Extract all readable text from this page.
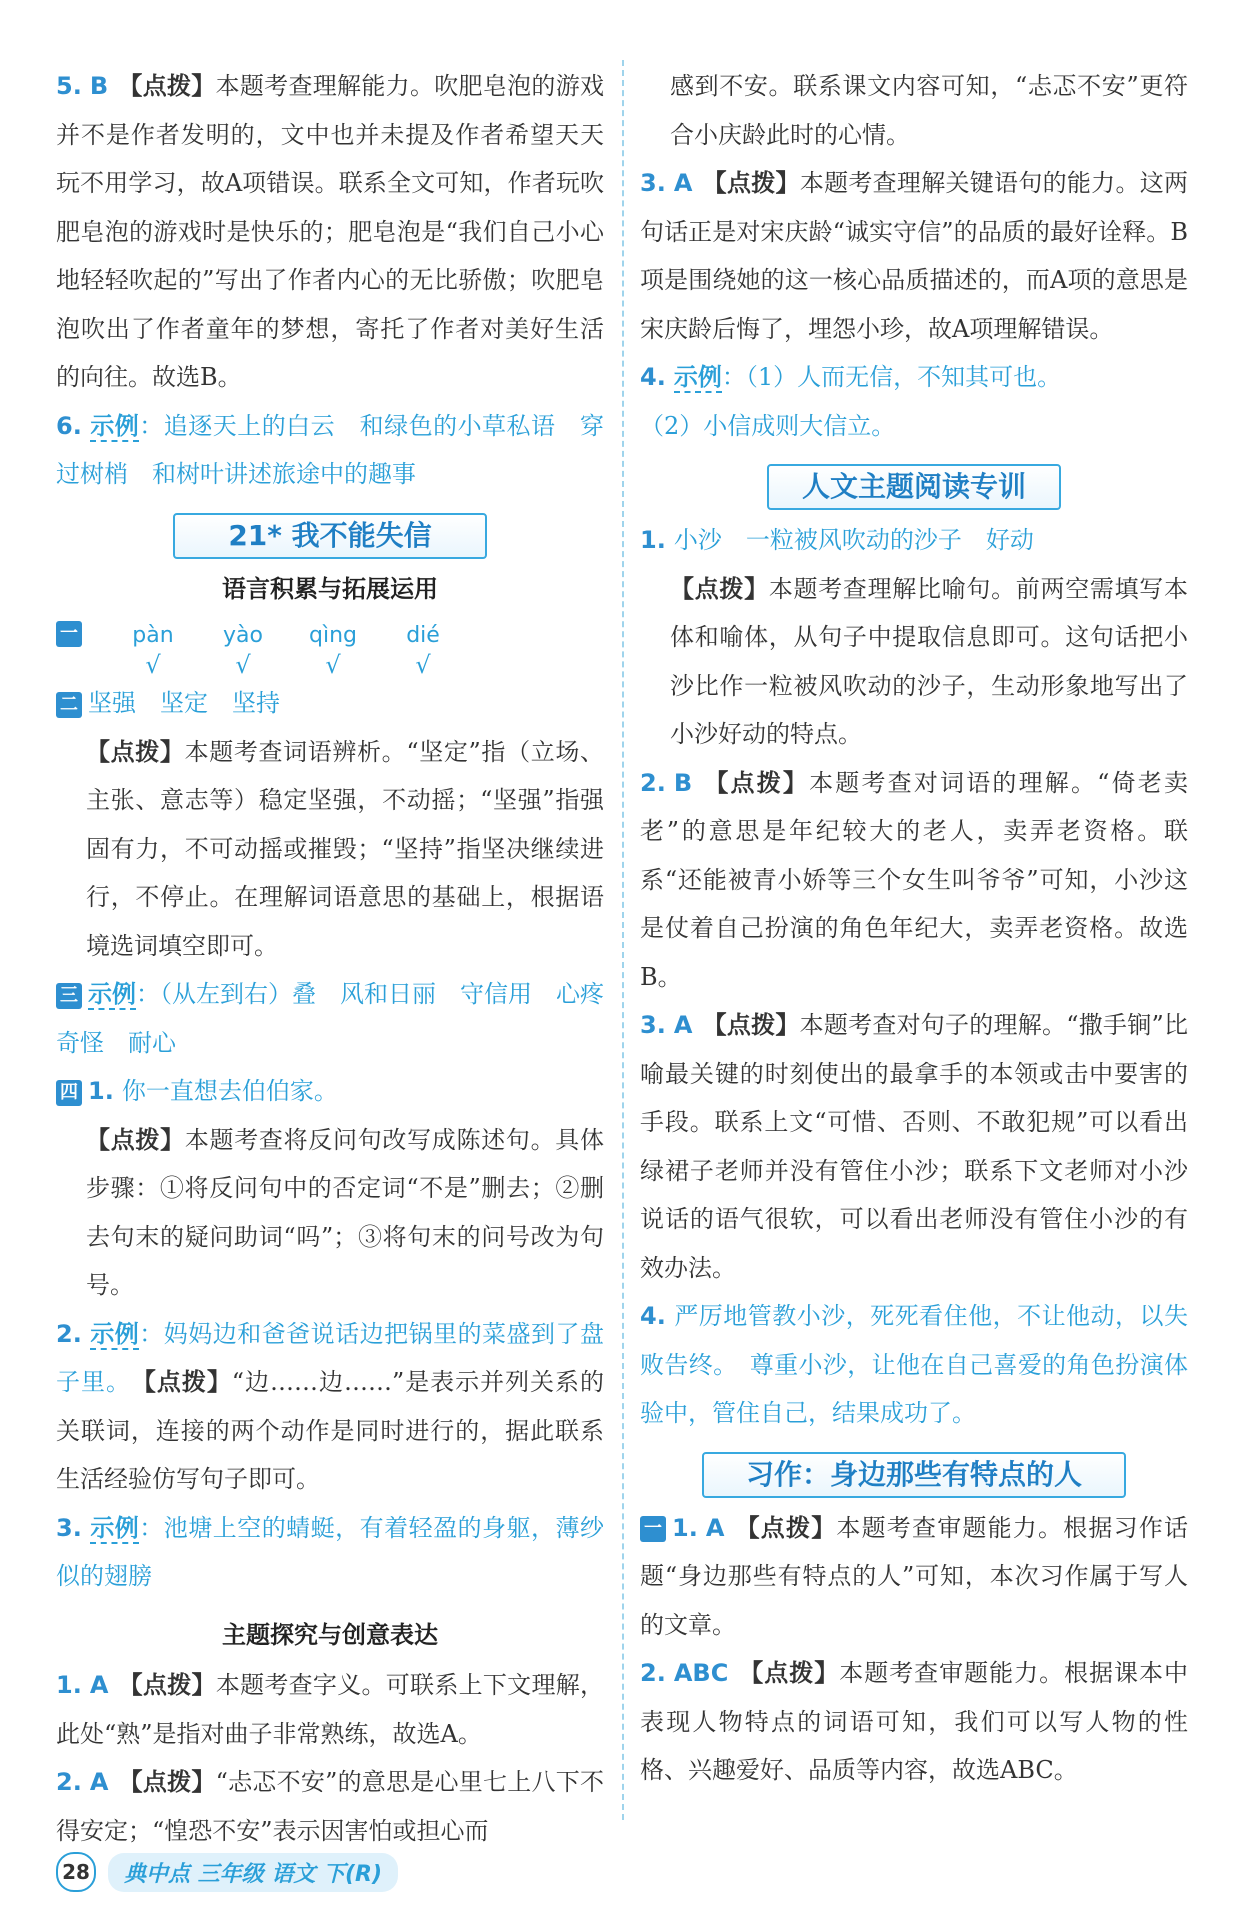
5. B 【点拨】本题考查理解能力。吹肥皂泡的游戏并不是作者发明的，文中也并未提及作者希望天天玩不用学习，故A项错误。联系全文可知，作者玩吹肥皂泡的游戏时是快乐的；肥皂泡是“我们自己小心地轻轻吹起的”写出了作者内心的无比骄傲；吹肥皂泡吹出了作者童年的梦想，寄托了作者对美好生活的向往。故选B。

6. 示例：追逐天上的白云　和绿色的小草私语　穿过树梢　和树叶讲述旅途中的趣事

21* 我不能失信
语言积累与拓展运用
一 pàn
√
yào
√
qìng
√
dié
√

二 坚强　坚定　坚持

【点拨】本题考查词语辨析。“坚定”指（立场、主张、意志等）稳定坚强，不动摇；“坚强”指强固有力，不可动摇或摧毁；“坚持”指坚决继续进行，不停止。在理解词语意思的基础上，根据语境选词填空即可。

三 示例：（从左到右）叠　风和日丽　守信用　心疼　奇怪　耐心

四 1. 你一直想去伯伯家。

【点拨】本题考查将反问句改写成陈述句。具体步骤：①将反问句中的否定词“不是”删去；②删去句末的疑问助词“吗”；③将句末的问号改为句号。

2. 示例：妈妈边和爸爸说话边把锅里的菜盛到了盘子里。　 【点拨】“边……边……”是表示并列关系的关联词，连接的两个动作是同时进行的，据此联系生活经验仿写句子即可。

3. 示例：池塘上空的蜻蜓，有着轻盈的身躯，薄纱似的翅膀

主题探究与创意表达

1. A 【点拨】本题考查字义。可联系上下文理解，此处“熟”是指对曲子非常熟练，故选A。

2. A 【点拨】“忐忑不安”的意思是心里七上八下不得安定；“惶恐不安”表示因害怕或担心而

感到不安。联系课文内容可知，“忐忑不安”更符合小庆龄此时的心情。

3. A 【点拨】本题考查理解关键语句的能力。这两句话正是对宋庆龄“诚实守信”的品质的最好诠释。B项是围绕她的这一核心品质描述的，而A项的意思是宋庆龄后悔了，埋怨小珍，故A项理解错误。

4. 示例：（1）人而无信，不知其可也。

（2）小信成则大信立。

人文主题阅读专训

1. 小沙　一粒被风吹动的沙子　好动

【点拨】本题考查理解比喻句。前两空需填写本体和喻体，从句子中提取信息即可。这句话把小沙比作一粒被风吹动的沙子，生动形象地写出了小沙好动的特点。

2. B 【点拨】本题考查对词语的理解。“倚老卖老”的意思是年纪较大的老人，卖弄老资格。联系“还能被青小娇等三个女生叫爷爷”可知，小沙这是仗着自己扮演的角色年纪大，卖弄老资格。故选B。

3. A 【点拨】本题考查对句子的理解。“撒手锏”比喻最关键的时刻使出的最拿手的本领或击中要害的手段。联系上文“可惜、否则、不敢犯规”可以看出绿裙子老师并没有管住小沙；联系下文老师对小沙说话的语气很软，可以看出老师没有管住小沙的有效办法。

4. 严厉地管教小沙，死死看住他，不让他动，以失败告终。　尊重小沙，让他在自己喜爱的角色扮演体验中，管住自己，结果成功了。

习作：身边那些有特点的人

一 1. A 【点拨】本题考查审题能力。根据习作话题“身边那些有特点的人”可知，本次习作属于写人的文章。

2. ABC 【点拨】本题考查审题能力。根据课本中表现人物特点的词语可知，我们可以写人物的性格、兴趣爱好、品质等内容，故选ABC。

28	典中点 三年级 语文 下(R)
